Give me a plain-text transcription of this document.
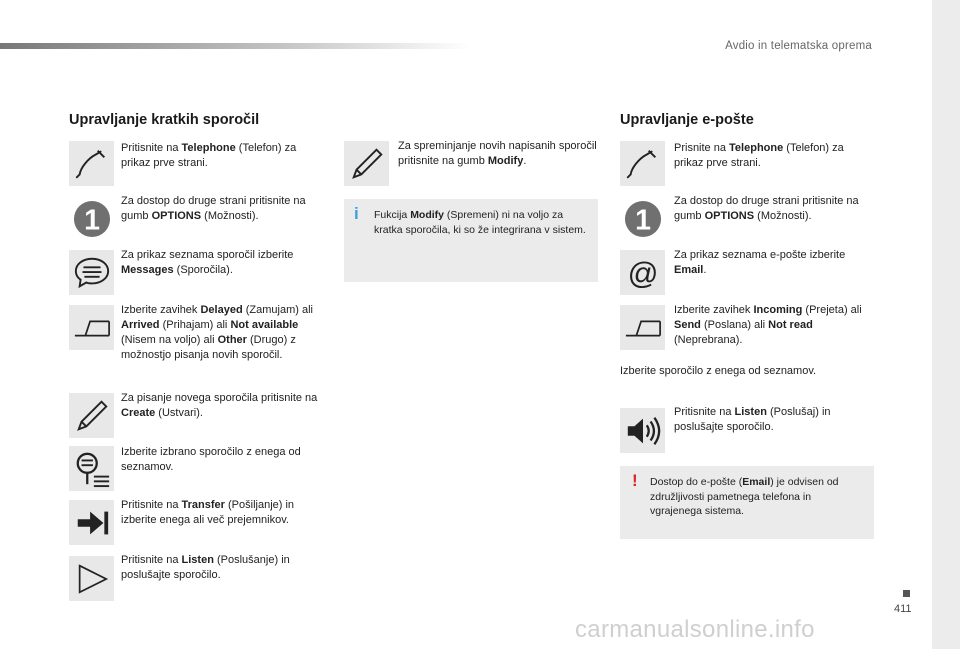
Avdio in telematska oprema
Upravljanje kratkih sporočil
Pritisnite na Telephone (Telefon) za prikaz prve strani.
1
Za dostop do druge strani pritisnite na gumb OPTIONS (Možnosti).
Za prikaz seznama sporočil izberite Messages (Sporočila).
Izberite zavihek Delayed (Zamujam) ali Arrived (Prihajam) ali Not available (Nisem na voljo) ali Other (Drugo) z možnostjo pisanja novih sporočil.
Za pisanje novega sporočila pritisnite na Create (Ustvari).
Izberite izbrano sporočilo z enega od seznamov.
Pritisnite na Transfer (Pošiljanje) in izberite enega ali več prejemnikov.
Pritisnite na Listen (Poslušanje) in poslušajte sporočilo.
Za spreminjanje novih napisanih sporočil pritisnite na gumb Modify.
i Fukcija Modify (Spremeni) ni na voljo za kratka sporočila, ki so že integrirana v sistem.
Upravljanje e-pošte
Prisnite na Telephone (Telefon) za prikaz prve strani.
1
Za dostop do druge strani pritisnite na gumb OPTIONS (Možnosti).
@
Za prikaz seznama e-pošte izberite Email.
Izberite zavihek Incoming (Prejeta) ali Send (Poslana) ali Not read (Neprebrana).
Izberite sporočilo z enega od seznamov.
Pritisnite na Listen (Poslušaj) in poslušajte sporočilo.
! Dostop do e-pošte (Email) je odvisen od združljivosti pametnega telefona in vgrajenega sistema.
411
carmanualsonline.info
